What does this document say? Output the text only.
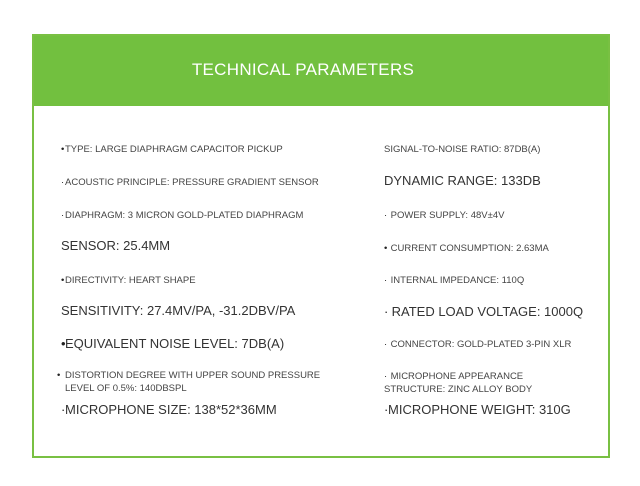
TECHNICAL PARAMETERS
•TYPE: LARGE DIAPHRAGM CAPACITOR PICKUP
·ACOUSTIC PRINCIPLE: PRESSURE GRADIENT SENSOR
·DIAPHRAGM: 3 MICRON GOLD-PLATED DIAPHRAGM
SENSOR: 25.4MM
•DIRECTIVITY: HEART SHAPE
SENSITIVITY: 27.4MV/PA, -31.2DBV/PA
•EQUIVALENT NOISE LEVEL: 7DB(A)
• DISTORTION DEGREE WITH UPPER SOUND PRESSURE LEVEL OF 0.5%: 140DBSPL
·MICROPHONE SIZE: 138*52*36MM
SIGNAL-TO-NOISE RATIO: 87DB(A)
DYNAMIC RANGE: 133DB
· POWER SUPPLY: 48V±4V
• CURRENT CONSUMPTION: 2.63MA
· INTERNAL IMPEDANCE: 110Q
· RATED LOAD VOLTAGE: 1000Q
· CONNECTOR: GOLD-PLATED 3-PIN XLR
· MICROPHONE APPEARANCE STRUCTURE: ZINC ALLOY BODY
·MICROPHONE WEIGHT: 310G
